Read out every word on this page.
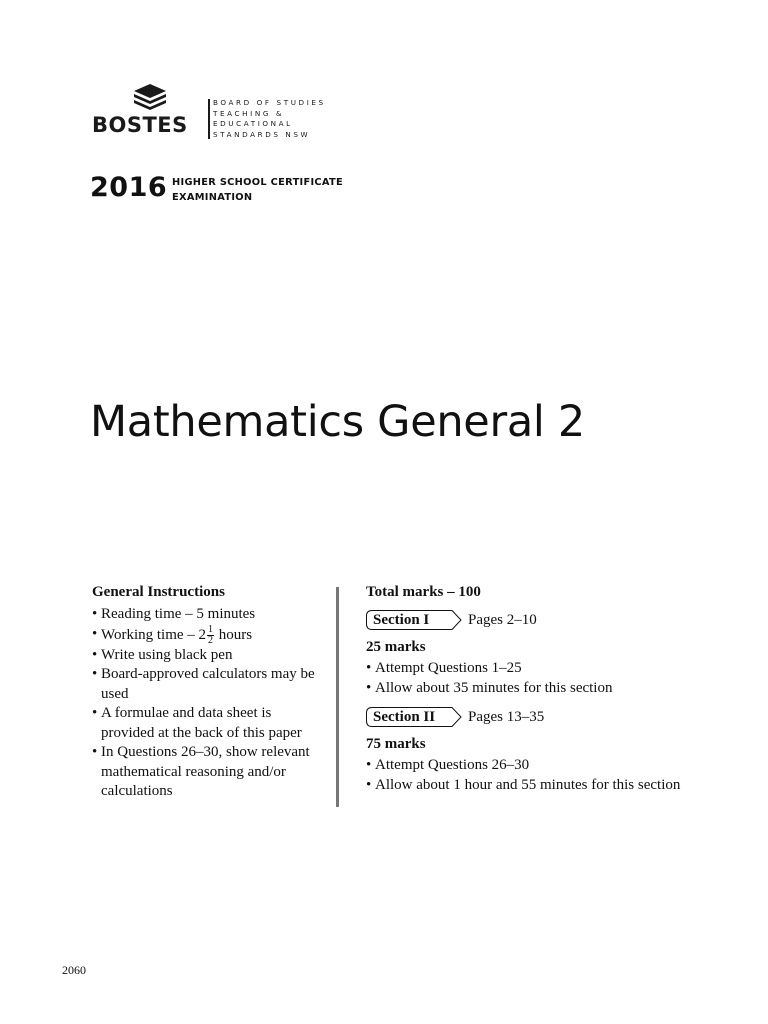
BOSTES
BOARD OF STUDIES
TEACHING &
EDUCATIONAL
STANDARDS NSW
2016 HIGHER SCHOOL CERTIFICATE
EXAMINATION
Mathematics General 2
General Instructions
• Reading time – 5 minutes
• Working time – $2 \frac{1}{2}$ hours
• Write using black pen
• Board-approved calculators may be used
• A formulae and data sheet is provided at the back of this paper
• In Questions 26–30, show relevant mathematical reasoning and/or calculations
Total marks – 100
Section I	Pages 2–10
25 marks
• Attempt Questions 1–25
• Allow about 35 minutes for this section
Section II Pages 13–35
75 marks
• Attempt Questions 26–30
• Allow about 1 hour and 55 minutes for this section
2060
